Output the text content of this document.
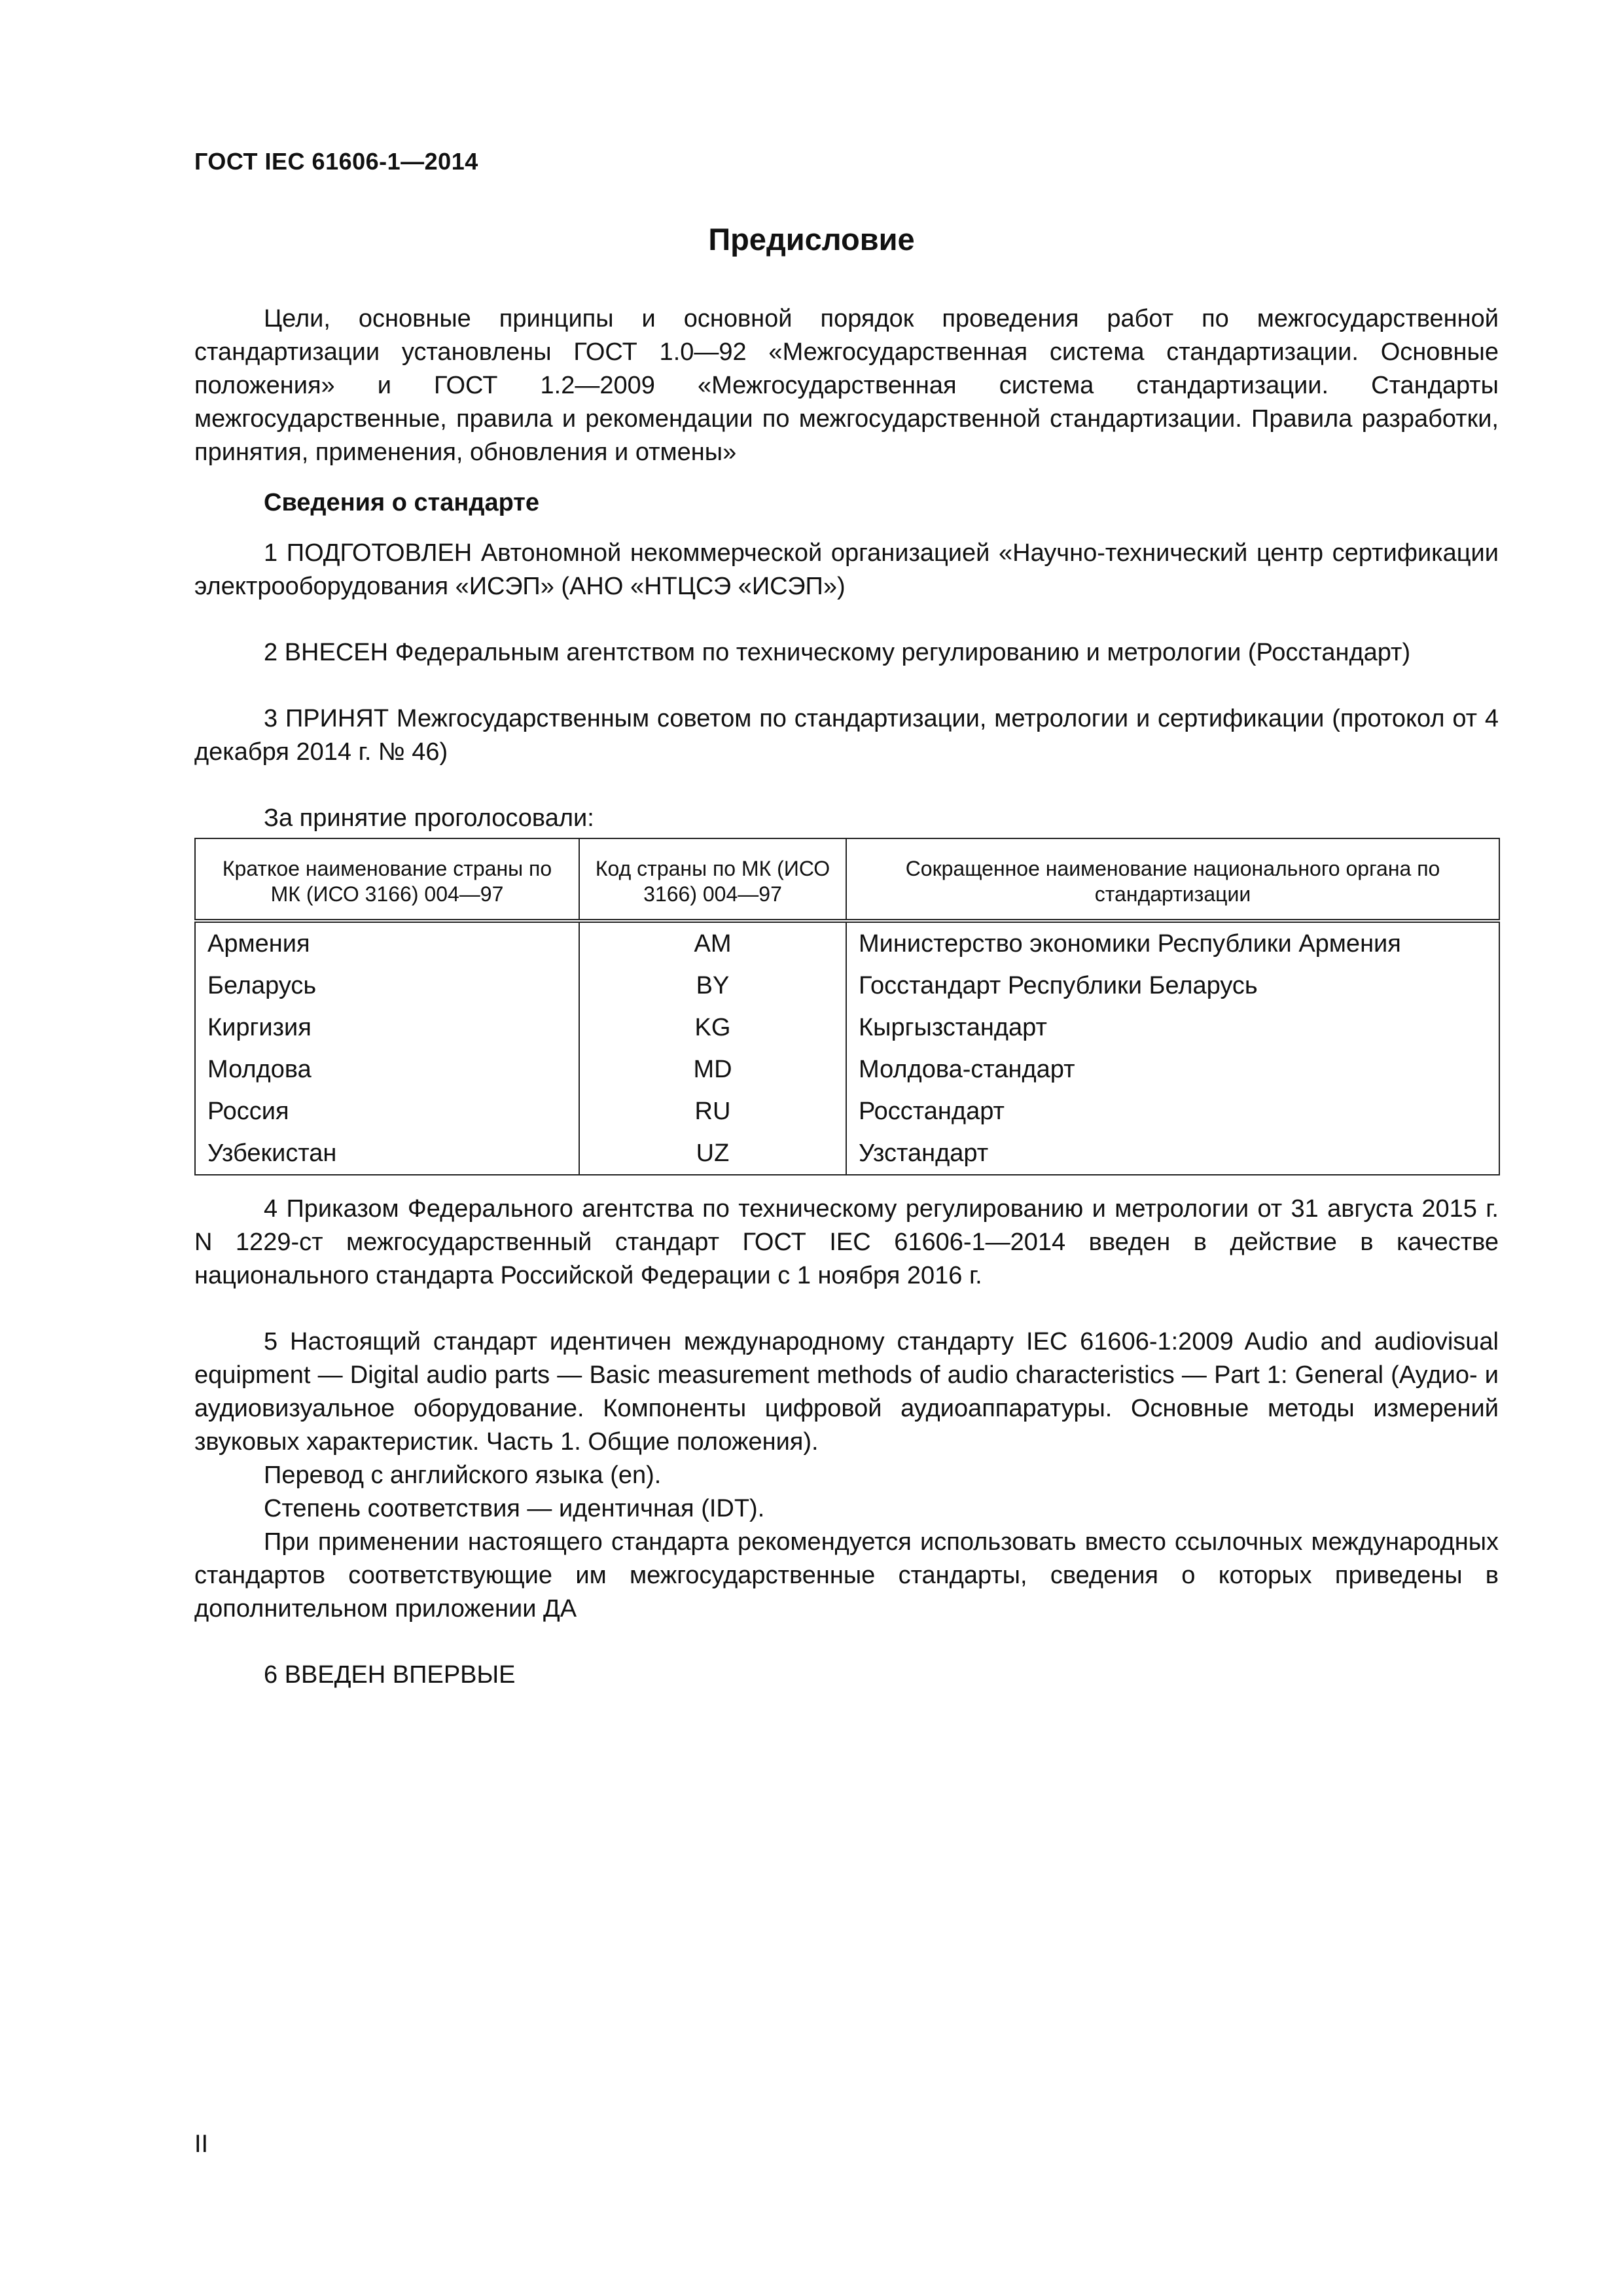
ГОСТ IEC 61606-1—2014
Предисловие

Цели, основные принципы и основной порядок проведения работ по межгосударственной стандартизации установлены ГОСТ 1.0—92 «Межгосударственная система стандартизации. Основные положения» и ГОСТ 1.2—2009 «Межгосударственная система стандартизации. Стандарты межгосударственные, правила и рекомендации по межгосударственной стандартизации. Правила разработки, принятия, применения, обновления и отмены»

Сведения о стандарте

1 ПОДГОТОВЛЕН Автономной некоммерческой организацией «Научно-технический центр сертификации электрооборудования «ИСЭП» (АНО «НТЦСЭ «ИСЭП»)

2 ВНЕСЕН Федеральным агентством по техническому регулированию и метрологии (Росстандарт)

3 ПРИНЯТ Межгосударственным советом по стандартизации, метрологии и сертификации (протокол от 4 декабря 2014 г. № 46)

За принятие проголосовали:

Краткое наименование страны по МК (ИСО 3166) 004—97	Код страны по МК (ИСО 3166) 004—97	Сокращенное наименование национального органа по стандартизации
Армения	AM	Министерство экономики Республики Армения
Беларусь	BY	Госстандарт Республики Беларусь
Киргизия	KG	Кыргызстандарт
Молдова	MD	Молдова-стандарт
Россия	RU	Росстандарт
Узбекистан	UZ	Узстандарт

4 Приказом Федерального агентства по техническому регулированию и метрологии от 31 августа 2015 г. N 1229-ст межгосударственный стандарт ГОСТ IEC 61606-1—2014 введен в действие в качестве национального стандарта Российской Федерации с 1 ноября 2016 г.

5 Настоящий стандарт идентичен международному стандарту IEC 61606-1:2009 Audio and audiovisual equipment — Digital audio parts — Basic measurement methods of audio characteristics — Part 1: General (Аудио- и аудиовизуальное оборудование. Компоненты цифровой аудиоаппаратуры. Основные методы измерений звуковых характеристик. Часть 1. Общие положения).

Перевод с английского языка (en).

Степень соответствия — идентичная (IDT).

При применении настоящего стандарта рекомендуется использовать вместо ссылочных международных стандартов соответствующие им межгосударственные стандарты, сведения о которых приведены в дополнительном приложении ДА

6 ВВЕДЕН ВПЕРВЫЕ

II
